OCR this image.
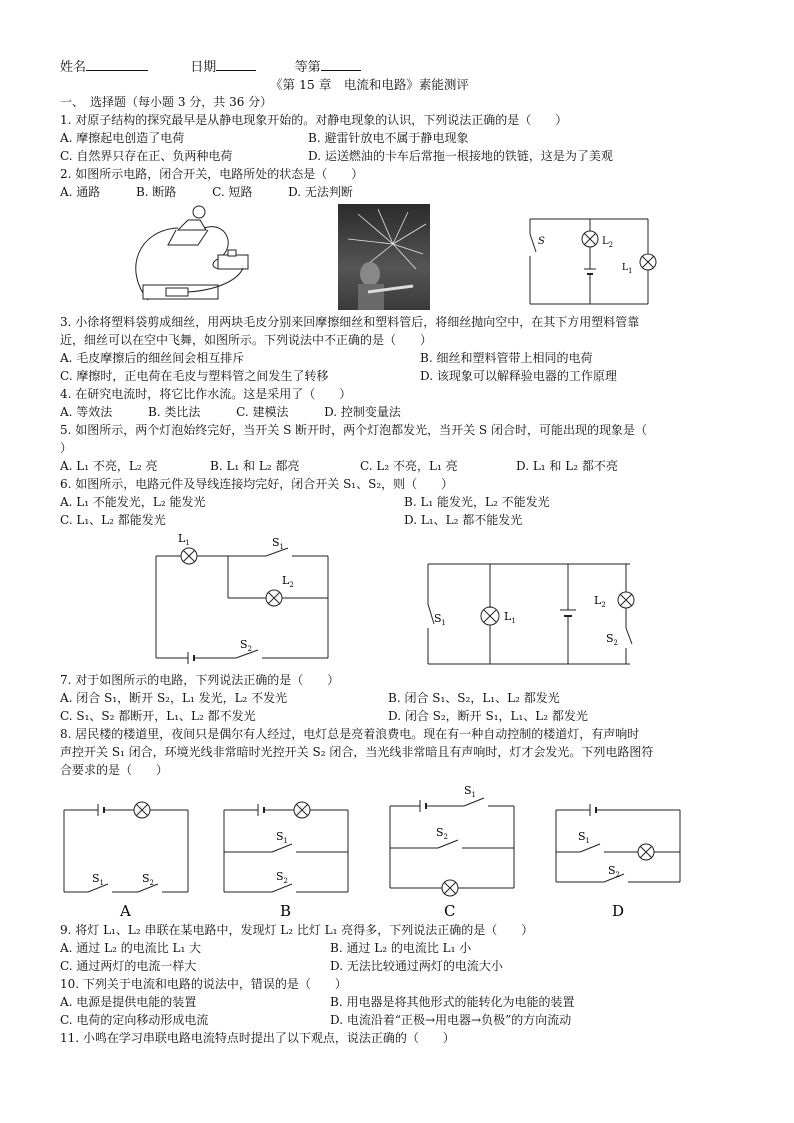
姓名	日期	等第
《第 15 章　电流和电路》素能测评
一、　选择题（每小题 3 分，共 36 分）
1. 对原子结构的探究最早是从静电现象开始的。对静电现象的认识，下列说法正确的是（　　）
A. 摩擦起电创造了电荷	B. 避雷针放电不属于静电现象
C. 自然界只存在正、负两种电荷	D. 运送燃油的卡车后常拖一根接地的铁链，这是为了美观
2. 如图所示电路，闭合开关，电路所处的状态是（　　）
A. 通路	B. 断路	C. 短路	D. 无法判断
S	$L_2$
$L_1$
3. 小徐将塑料袋剪成细丝，用两块毛皮分别来回摩擦细丝和塑料管后，将细丝抛向空中，在其下方用塑料管靠
近，细丝可以在空中飞舞，如图所示。下列说法中不正确的是（　　）
A. 毛皮摩擦后的细丝间会相互排斥	B. 细丝和塑料管带上相同的电荷
C. 摩擦时，正电荷在毛皮与塑料管之间发生了转移	D. 该现象可以解释验电器的工作原理
4. 在研究电流时，将它比作水流。这是采用了（　　）
A. 等效法	B. 类比法	C. 建模法	D. 控制变量法
5. 如图所示，两个灯泡始终完好，当开关 S 断开时，两个灯泡都发光，当开关 S 闭合时，可能出现的现象是（
）
A. L₁ 不亮，L₂ 亮	B. L₁ 和 L₂ 都亮	C. L₂ 不亮，L₁ 亮	D. L₁ 和 L₂ 都不亮
6. 如图所示，电路元件及导线连接均完好，闭合开关 S₁、S₂，则（　　）
A. L₁ 不能发光，L₂ 能发光	B. L₁ 能发光，L₂ 不能发光
C. L₁、L₂ 都能发光	D. L₁、L₂ 都不能发光
$L_1$	$S_1$
$L_2$
$S_2$
$S_1$	$L_1$
$L_2$
$S_2$
7. 对于如图所示的电路，下列说法正确的是（　　）
A. 闭合 S₁，断开 S₂，L₁ 发光，L₂ 不发光	B. 闭合 S₁、S₂，L₁、L₂ 都发光
C. S₁、S₂ 都断开，L₁、L₂ 都不发光	D. 闭合 S₂，断开 S₁，L₁、L₂ 都发光
8. 居民楼的楼道里，夜间只是偶尔有人经过，电灯总是亮着浪费电。现在有一种自动控制的楼道灯，有声响时
声控开关 S₁ 闭合，环境光线非常暗时光控开关 S₂ 闭合，当光线非常暗且有声响时，灯才会发光。下列电路图符
合要求的是（　　）
$S_1$	$S_2$
A
$S_1$
$S_2$
B
$S_1$
$S_2$
C
$S_1$
$S_2$
D
9. 将灯 L₁、L₂ 串联在某电路中，发现灯 L₂ 比灯 L₁ 亮得多，下列说法正确的是（　　）
A. 通过 L₂ 的电流比 L₁ 大	B. 通过 L₂ 的电流比 L₁ 小
C. 通过两灯的电流一样大	D. 无法比较通过两灯的电流大小
10. 下列关于电流和电路的说法中，错误的是（　　）
A. 电源是提供电能的装置	B. 用电器是将其他形式的能转化为电能的装置
C. 电荷的定向移动形成电流	D. 电流沿着“正极→用电器→负极”的方向流动
11. 小鸣在学习串联电路电流特点时提出了以下观点，说法正确的（　　）
